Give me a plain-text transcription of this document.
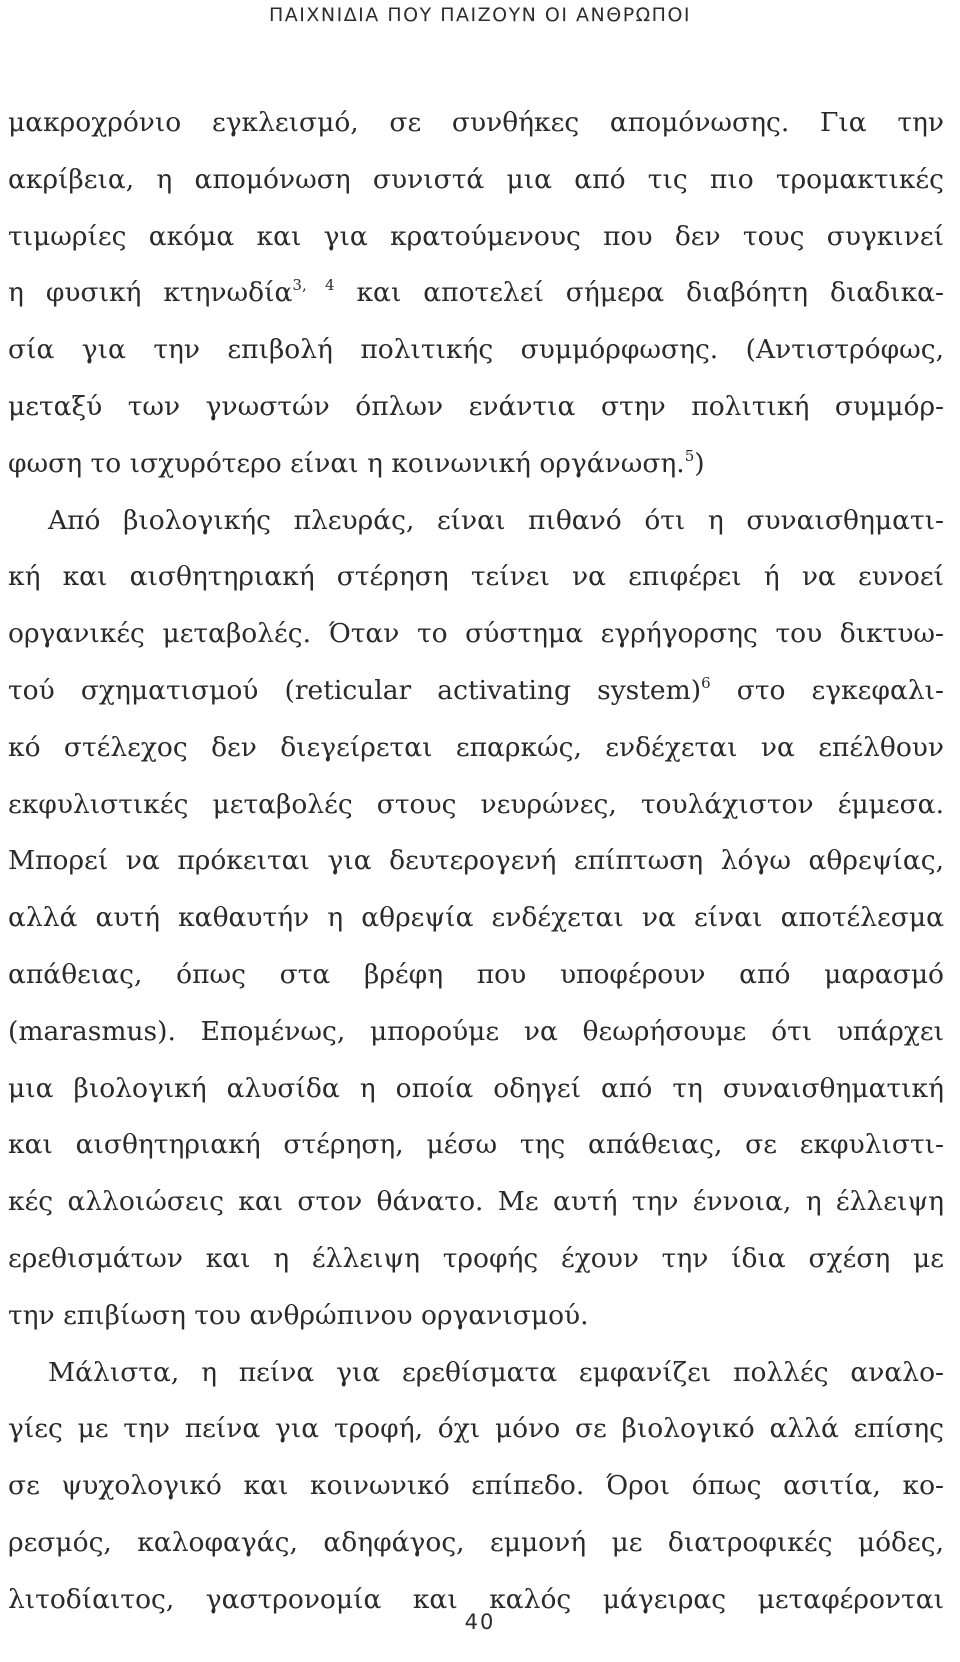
ΠΑΙΧΝΙΔΙΑ ΠΟΥ ΠΑΙΖΟΥΝ ΟΙ ΑΝΘΡΩΠΟΙ
μακροχρόνιο εγκλεισμό, σε συνθήκες απομόνωσης. Για την
ακρίβεια, η απομόνωση συνιστά μια από τις πιο τρομακτικές
τιμωρίες ακόμα και για κρατούμενους που δεν τους συγκινεί
η φυσική κτηνωδία$^{3, 4}$ και αποτελεί σήμερα διαβόητη διαδικα-
σία για την επιβολή πολιτικής συμμόρφωσης. (Αντιστρόφως,
μεταξύ των γνωστών όπλων ενάντια στην πολιτική συμμόρ-
φωση το ισχυρότερο είναι η κοινωνική οργάνωση.$^5$)
Από βιολογικής πλευράς, είναι πιθανό ότι η συναισθηματι-
κή και αισθητηριακή στέρηση τείνει να επιφέρει ή να ευνοεί
οργανικές μεταβολές. Όταν το σύστημα εγρήγορσης του δικτυω-
τού σχηματισμού (reticular activating system)$^6$ στο εγκεφαλι-
κό στέλεχος δεν διεγείρεται επαρκώς, ενδέχεται να επέλθουν
εκφυλιστικές μεταβολές στους νευρώνες, τουλάχιστον έμμεσα.
Μπορεί να πρόκειται για δευτερογενή επίπτωση λόγω αθρεψίας,
αλλά αυτή καθαυτήν η αθρεψία ενδέχεται να είναι αποτέλεσμα
απάθειας, όπως στα βρέφη που υποφέρουν από μαρασμό
(marasmus). Επομένως, μπορούμε να θεωρήσουμε ότι υπάρχει
μια βιολογική αλυσίδα η οποία οδηγεί από τη συναισθηματική
και αισθητηριακή στέρηση, μέσω της απάθειας, σε εκφυλιστι-
κές αλλοιώσεις και στον θάνατο. Με αυτή την έννοια, η έλλειψη
ερεθισμάτων και η έλλειψη τροφής έχουν την ίδια σχέση με
την επιβίωση του ανθρώπινου οργανισμού.
Μάλιστα, η πείνα για ερεθίσματα εμφανίζει πολλές αναλο-
γίες με την πείνα για τροφή, όχι μόνο σε βιολογικό αλλά επίσης
σε ψυχολογικό και κοινωνικό επίπεδο. Όροι όπως ασιτία, κο-
ρεσμός, καλοφαγάς, αδηφάγος, εμμονή με διατροφικές μόδες,
λιτοδίαιτος, γαστρονομία και καλός μάγειρας μεταφέρονται
40
